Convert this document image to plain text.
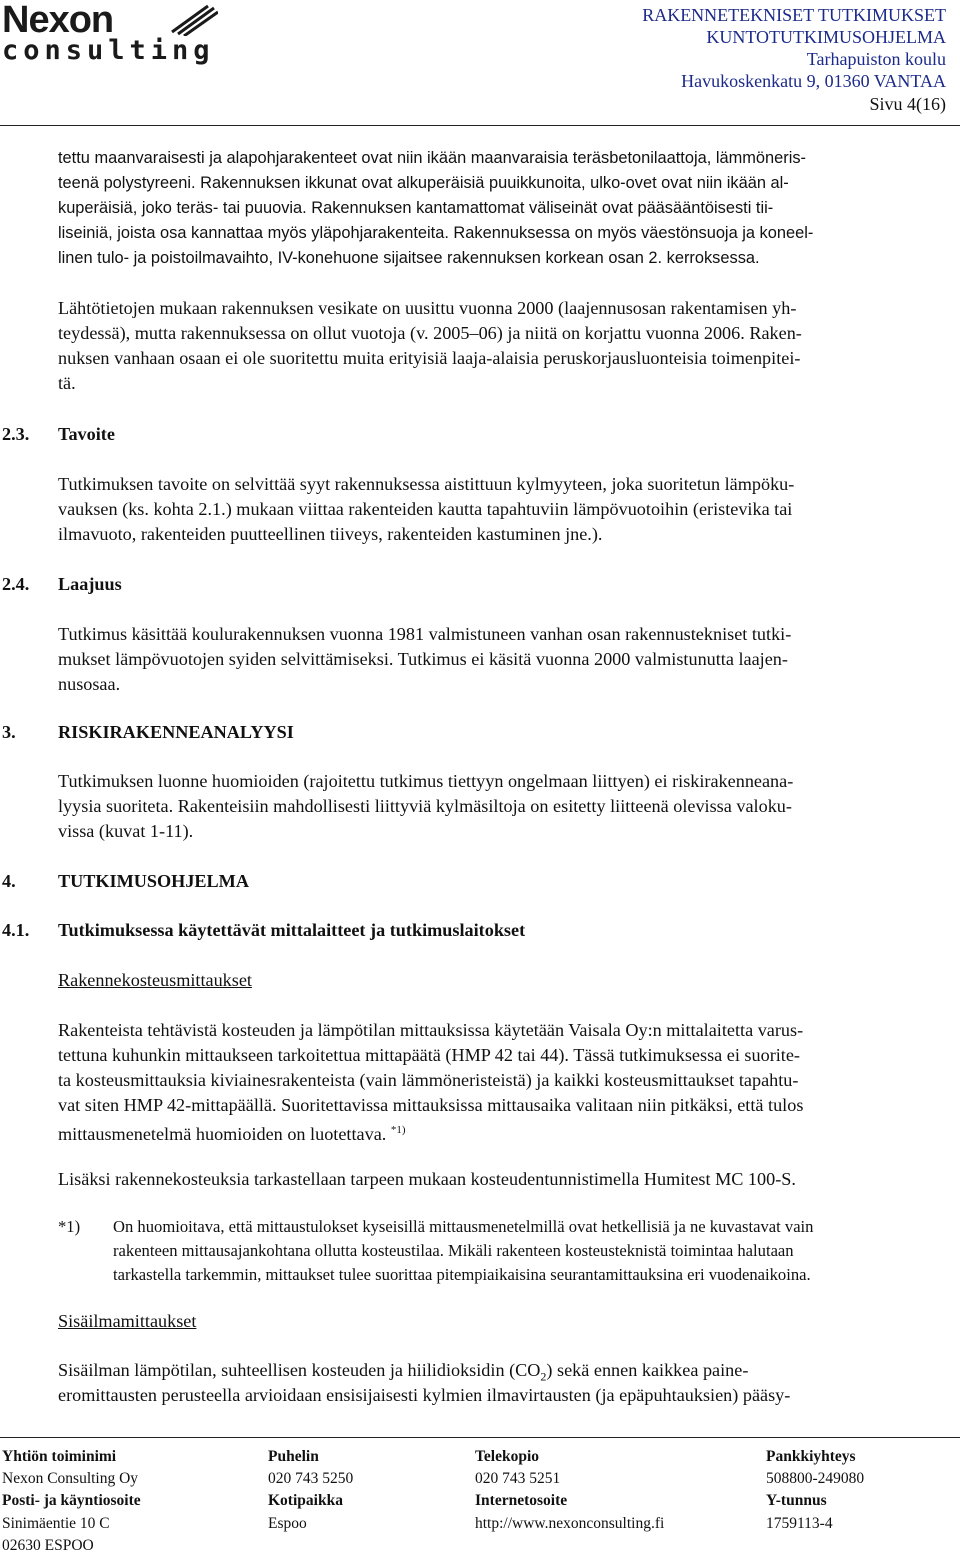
Nexon
consulting
RAKENNETEKNISET TUTKIMUKSET
KUNTOTUTKIMUSOHJELMA
Tarhapuiston koulu
Havukoskenkatu 9, 01360 VANTAA
Sivu 4(16)
tettu maanvaraisesti ja alapohjarakenteet ovat niin ikään maanvaraisia teräsbetonilaattoja, lämmöneris-
teenä polystyreeni. Rakennuksen ikkunat ovat alkuperäisiä puuikkunoita, ulko-ovet ovat niin ikään al-
kuperäisiä, joko teräs- tai puuovia. Rakennuksen kantamattomat väliseinät ovat pääsääntöisesti tii-
liseiniä, joista osa kannattaa myös yläpohjarakenteita. Rakennuksessa on myös väestönsuoja ja koneel-
linen tulo- ja poistoilmavaihto, IV-konehuone sijaitsee rakennuksen korkean osan 2. kerroksessa.
Lähtötietojen mukaan rakennuksen vesikate on uusittu vuonna 2000 (laajennusosan rakentamisen yh-
teydessä), mutta rakennuksessa on ollut vuotoja (v. 2005–06) ja niitä on korjattu vuonna 2006. Raken-
nuksen vanhaan osaan ei ole suoritettu muita erityisiä laaja-alaisia peruskorjausluonteisia toimenpitei-
tä.
2.3. Tavoite
Tutkimuksen tavoite on selvittää syyt rakennuksessa aistittuun kylmyyteen, joka suoritetun lämpöku-
vauksen (ks. kohta 2.1.) mukaan viittaa rakenteiden kautta tapahtuviin lämpövuotoihin (eristevika tai
ilmavuoto, rakenteiden puutteellinen tiiveys, rakenteiden kastuminen jne.).
2.4. Laajuus
Tutkimus käsittää koulurakennuksen vuonna 1981 valmistuneen vanhan osan rakennustekniset tutki-
mukset lämpövuotojen syiden selvittämiseksi. Tutkimus ei käsitä vuonna 2000 valmistunutta laajen-
nusosaa.
3. RISKIRAKENNEANALYYSI
Tutkimuksen luonne huomioiden (rajoitettu tutkimus tiettyyn ongelmaan liittyen) ei riskirakenneana-
lyysia suoriteta. Rakenteisiin mahdollisesti liittyviä kylmäsiltoja on esitetty liitteenä olevissa valoku-
vissa (kuvat 1-11).
4. TUTKIMUSOHJELMA
4.1. Tutkimuksessa käytettävät mittalaitteet ja tutkimuslaitokset
Rakennekosteusmittaukset
Rakenteista tehtävistä kosteuden ja lämpötilan mittauksissa käytetään Vaisala Oy:n mittalaitetta varus-
tettuna kuhunkin mittaukseen tarkoitettua mittapäätä (HMP 42 tai 44). Tässä tutkimuksessa ei suorite-
ta kosteusmittauksia kiviainesrakenteista (vain lämmöneristeistä) ja kaikki kosteusmittaukset tapahtu-
vat siten HMP 42-mittapäällä. Suoritettavissa mittauksissa mittausaika valitaan niin pitkäksi, että tulos
mittausmenetelmä huomioiden on luotettava. $^{*1)}$
Lisäksi rakennekosteuksia tarkastellaan tarpeen mukaan kosteudentunnistimella Humitest MC 100-S.
*1) On huomioitava, että mittaustulokset kyseisillä mittausmenetelmillä ovat hetkellisiä ja ne kuvastavat vain
rakenteen mittausajankohtana ollutta kosteustilaa. Mikäli rakenteen kosteusteknistä toimintaa halutaan
tarkastella tarkemmin, mittaukset tulee suorittaa pitempiaikaisina seurantamittauksina eri vuodenaikoina.
Sisäilmamittaukset
Sisäilman lämpötilan, suhteellisen kosteuden ja hiilidioksidin $(CO_2)$ sekä ennen kaikkea paine-
eromittausten perusteella arvioidaan ensisijaisesti kylmien ilmavirtausten (ja epäpuhtauksien) pääsy-
Yhtiön toiminimi
Nexon Consulting Oy
Posti- ja käyntiosoite
Sinimäentie 10 C
02630 ESPOO
Puhelin
020 743 5250
Kotipaikka
Espoo
Telekopio
020 743 5251
Internetosoite
http://www.nexonconsulting.fi
Pankkiyhteys
508800-249080
Y-tunnus
1759113-4
